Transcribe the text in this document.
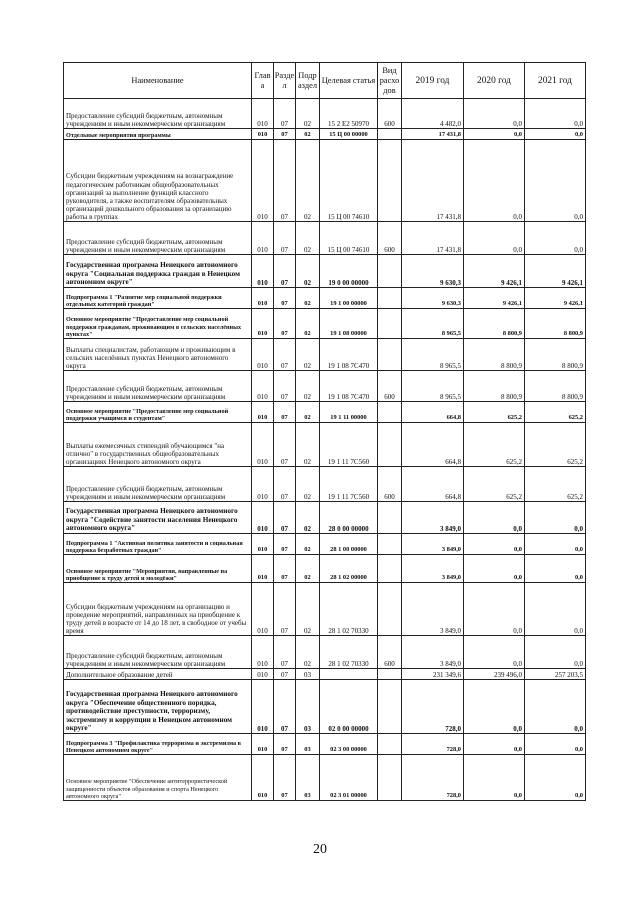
Наименование	Глав а	Разде л	Подр аздел	Целевая статья	Вид расхо дов	2019 год	2020 год	2021 год
Предоставление субсидий бюджетным, автономным учреждениям и иным некоммерческим организациям	010	07	02	15 2 Е2 50970	600	4 482,0	0,0	0,0
Отдельные мероприятия программы	010	07	02	15 Ц 00 00000		17 431,8	0,0	0,0
Субсидии бюджетным учреждениям на вознаграждение педагогическим работникам общеобразовательных организаций за выполнение функций классного руководителя, а также воспитателям образовательных организаций дошкольного образования за организацию работы в группах	010	07	02	15 Ц 00 74610		17 431,8	0,0	0,0
Предоставление субсидий бюджетным, автономным учреждениям и иным некоммерческим организациям	010	07	02	15 Ц 00 74610	600	17 431,8	0,0	0,0
Государственная программа Ненецкого автономного округа "Социальная поддержка граждан в Ненецком автономном округе"	010	07	02	19 0 00 00000		9 630,3	9 426,1	9 426,1
Подпрограмма 1 "Развитие мер социальной поддержки отдельных категорий граждан"	010	07	02	19 1 00 00000		9 630,3	9 426,1	9 426,1
Основное мероприятие "Предоставление мер социальной поддержки гражданам, проживающим в сельских населённых пунктах"	010	07	02	19 1 08 00000		8 965,5	8 800,9	8 800,9
Выплаты специалистам, работающим и проживающим в сельских населённых пунктах Ненецкого автономного округа	010	07	02	19 1 08 7С470		8 965,5	8 800,9	8 800,9
Предоставление субсидий бюджетным, автономным учреждениям и иным некоммерческим организациям	010	07	02	19 1 08 7С470	600	8 965,5	8 800,9	8 800,9
Основное мероприятие "Предоставление мер социальной поддержки учащимся и студентам"	010	07	02	19 1 11 00000		664,8	625,2	625,2
Выплаты ежемесячных стипендий обучающимся "на отлично" в государственных общеобразовательных организациях Ненецкого автономного округа	010	07	02	19 1 11 7С560		664,8	625,2	625,2
Предоставление субсидий бюджетным, автономным учреждениям и иным некоммерческим организациям	010	07	02	19 1 11 7С560	600	664,8	625,2	625,2
Государственная программа Ненецкого автономного округа "Содействие занятости населения Ненецкого автономного округа"	010	07	02	28 0 00 00000		3 849,0	0,0	0,0
Подпрограмма 1 "Активная политика занятости и социальная поддержка безработных граждан"	010	07	02	28 1 00 00000		3 849,0	0,0	0,0
Основное мероприятие "Мероприятия, направленные на приобщение к труду детей и молодёжи"	010	07	02	28 1 02 00000		3 849,0	0,0	0,0
Субсидии бюджетным учреждениям на организацию и проведение мероприятий, направленных на приобщение к труду детей в возрасте от 14 до 18 лет, в свободное от учебы время	010	07	02	28 1 02 70330		3 849,0	0,0	0,0
Предоставление субсидий бюджетным, автономным учреждениям и иным некоммерческим организациям	010	07	02	28 1 02 70330	600	3 849,0	0,0	0,0
Дополнительное образование детей	010	07	03			231 349,6	239 496,0	257 203,5
Государственная программа Ненецкого автономного округа "Обеспечение общественного порядка, противодействие преступности, терроризму, экстремизму и коррупции в Ненецком автономном округе"	010	07	03	02 0 00 00000		728,0	0,0	0,0
Подпрограмма 3 "Профилактика терроризма и экстремизма в Ненецком автономном округе"	010	07	03	02 3 00 00000		728,0	0,0	0,0
Основное мероприятие "Обеспечение антитеррористической защищенности объектов образования и спорта Ненецкого автономного округа"	010	07	03	02 3 01 00000		728,0	0,0	0,0
20
